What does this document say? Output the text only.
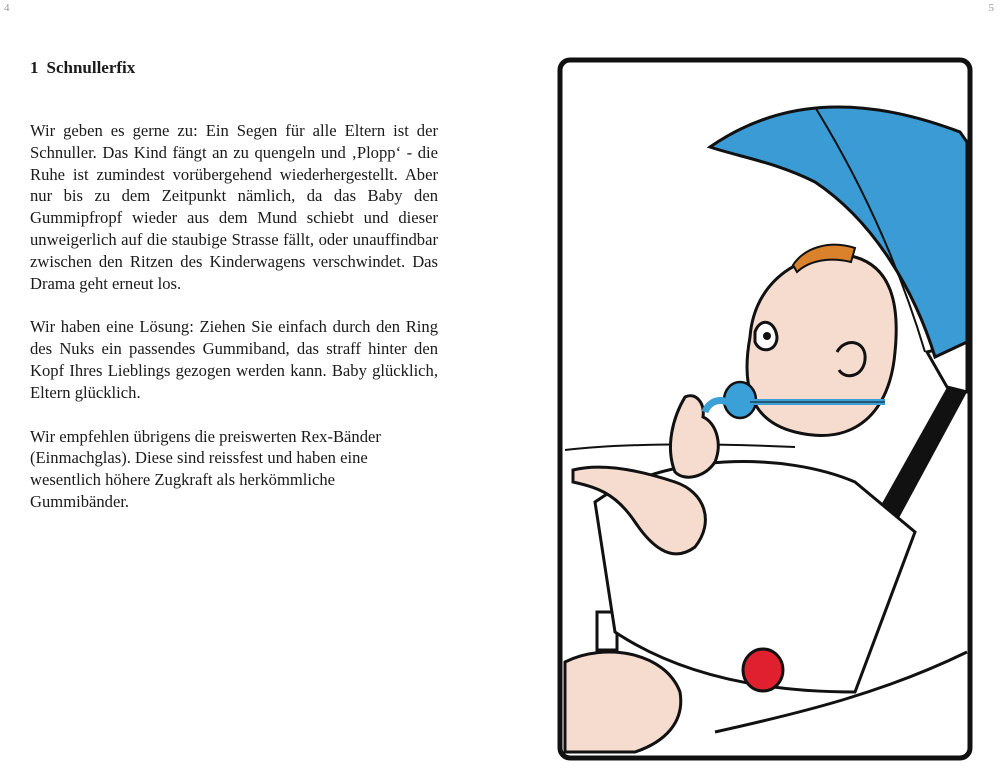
4	5
1 Schnullerfix

Wir geben es gerne zu: Ein Segen für alle Eltern ist der Schnuller. Das Kind fängt an zu quengeln und ‚Plopp‘ - die Ruhe ist zumindest vorübergehend wiederhergestellt. Aber nur bis zu dem Zeitpunkt nämlich, da das Baby den Gummipfropf wieder aus dem Mund schiebt und dieser unweigerlich auf die staubige Strasse fällt, oder unauffindbar zwischen den Ritzen des Kinderwagens verschwindet. Das Drama geht erneut los.

Wir haben eine Lösung: Ziehen Sie einfach durch den Ring des Nuks ein passendes Gummiband, das straff hinter den Kopf Ihres Lieblings gezogen werden kann. Baby glücklich, Eltern glücklich.

Wir empfehlen übrigens die preiswerten Rex-Bänder (Einmachglas). Diese sind reissfest und haben eine wesentlich höhere Zugkraft als herkömmliche Gummibänder.
